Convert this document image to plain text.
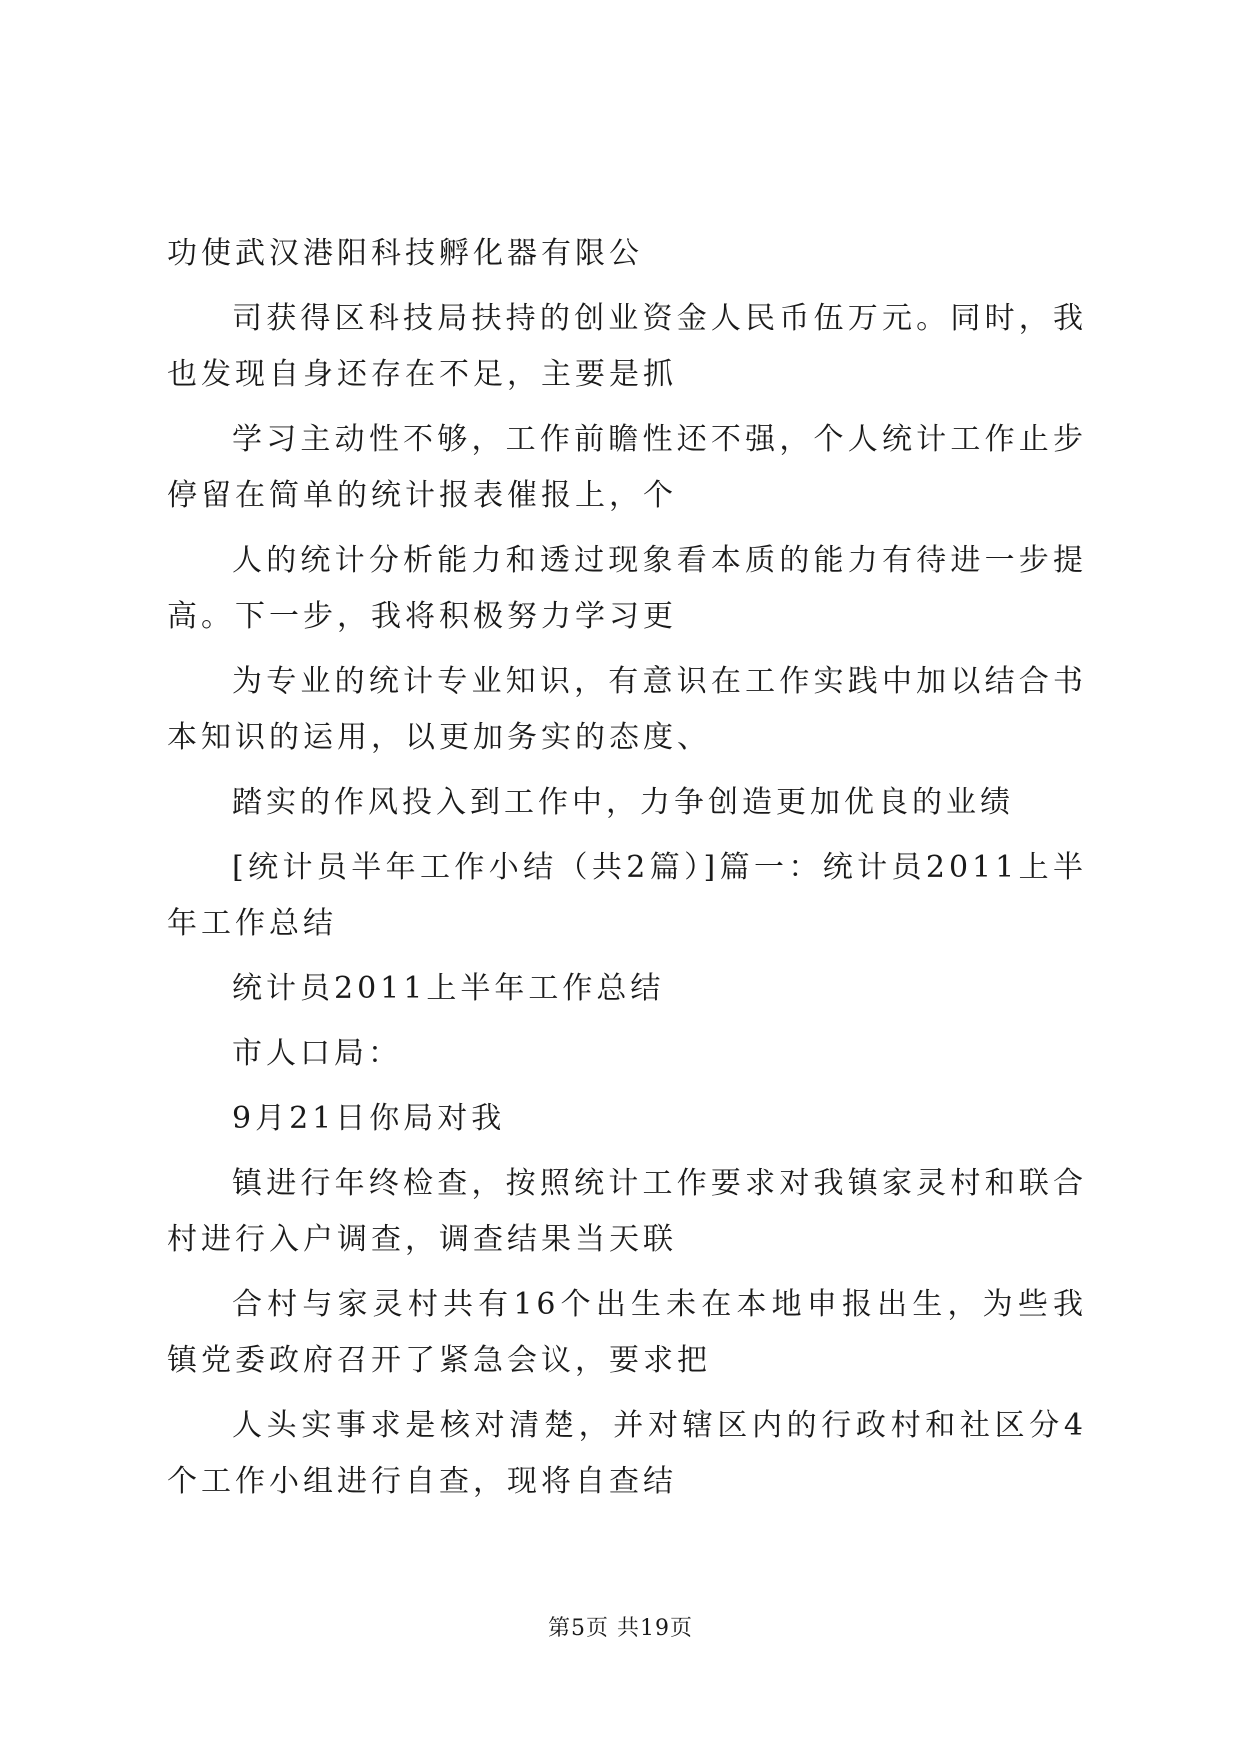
功使武汉港阳科技孵化器有限公

司获得区科技局扶持的创业资金人民币伍万元。同时，我也发现自身还存在不足，主要是抓

学习主动性不够，工作前瞻性还不强，个人统计工作止步停留在简单的统计报表催报上，个

人的统计分析能力和透过现象看本质的能力有待进一步提高。下一步，我将积极努力学习更

为专业的统计专业知识，有意识在工作实践中加以结合书本知识的运用，以更加务实的态度、

踏实的作风投入到工作中，力争创造更加优良的业绩

[统计员半年工作小结（共2篇）]篇一：统计员2011上半年工作总结

统计员2011上半年工作总结

市人口局：

9月21日你局对我

镇进行年终检查，按照统计工作要求对我镇家灵村和联合村进行入户调查，调查结果当天联

合村与家灵村共有16个出生未在本地申报出生，为些我镇党委政府召开了紧急会议，要求把

人头实事求是核对清楚，并对辖区内的行政村和社区分4个工作小组进行自查，现将自查结

第5页 共19页
